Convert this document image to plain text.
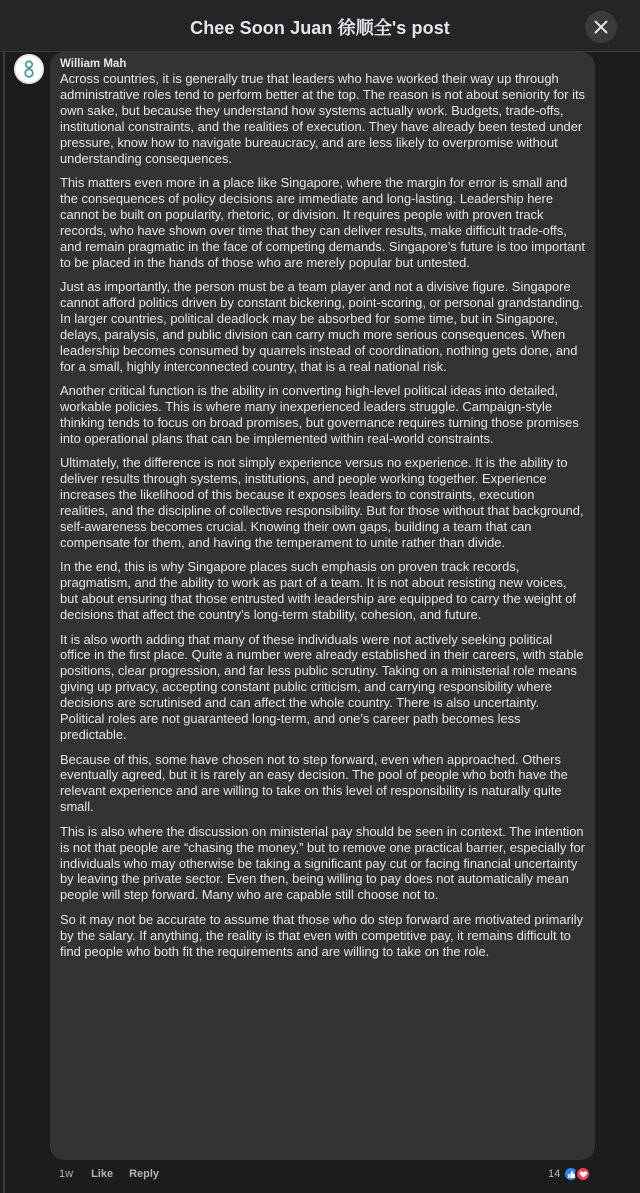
Chee Soon Juan 徐顺全's post
William Mah

Across countries, it is generally true that leaders who have worked their way up through administrative roles tend to perform better at the top. The reason is not about seniority for its own sake, but because they understand how systems actually work. Budgets, trade-offs, institutional constraints, and the realities of execution. They have already been tested under pressure, know how to navigate bureaucracy, and are less likely to overpromise without understanding consequences.

This matters even more in a place like Singapore, where the margin for error is small and the consequences of policy decisions are immediate and long-lasting. Leadership here cannot be built on popularity, rhetoric, or division. It requires people with proven track records, who have shown over time that they can deliver results, make difficult trade-offs, and remain pragmatic in the face of competing demands. Singapore’s future is too important to be placed in the hands of those who are merely popular but untested.

Just as importantly, the person must be a team player and not a divisive figure. Singapore cannot afford politics driven by constant bickering, point-scoring, or personal grandstanding. In larger countries, political deadlock may be absorbed for some time, but in Singapore, delays, paralysis, and public division can carry much more serious consequences. When leadership becomes consumed by quarrels instead of coordination, nothing gets done, and for a small, highly interconnected country, that is a real national risk.

Another critical function is the ability in converting high-level political ideas into detailed, workable policies. This is where many inexperienced leaders struggle. Campaign-style thinking tends to focus on broad promises, but governance requires turning those promises into operational plans that can be implemented within real-world constraints.

Ultimately, the difference is not simply experience versus no experience. It is the ability to deliver results through systems, institutions, and people working together. Experience increases the likelihood of this because it exposes leaders to constraints, execution realities, and the discipline of collective responsibility. But for those without that background, self-awareness becomes crucial. Knowing their own gaps, building a team that can compensate for them, and having the temperament to unite rather than divide.

In the end, this is why Singapore places such emphasis on proven track records, pragmatism, and the ability to work as part of a team. It is not about resisting new voices, but about ensuring that those entrusted with leadership are equipped to carry the weight of decisions that affect the country’s long-term stability, cohesion, and future.

It is also worth adding that many of these individuals were not actively seeking political office in the first place. Quite a number were already established in their careers, with stable positions, clear progression, and far less public scrutiny. Taking on a ministerial role means giving up privacy, accepting constant public criticism, and carrying responsibility where decisions are scrutinised and can affect the whole country. There is also uncertainty. Political roles are not guaranteed long-term, and one’s career path becomes less predictable.

Because of this, some have chosen not to step forward, even when approached. Others eventually agreed, but it is rarely an easy decision. The pool of people who both have the relevant experience and are willing to take on this level of responsibility is naturally quite small.

This is also where the discussion on ministerial pay should be seen in context. The intention is not that people are “chasing the money,” but to remove one practical barrier, especially for individuals who may otherwise be taking a significant pay cut or facing financial uncertainty by leaving the private sector. Even then, being willing to pay does not automatically mean people will step forward. Many who are capable still choose not to.

So it may not be accurate to assume that those who do step forward are motivated primarily by the salary. If anything, the reality is that even with competitive pay, it remains difficult to find people who both fit the requirements and are willing to take on the role.

1w Like Reply	14
